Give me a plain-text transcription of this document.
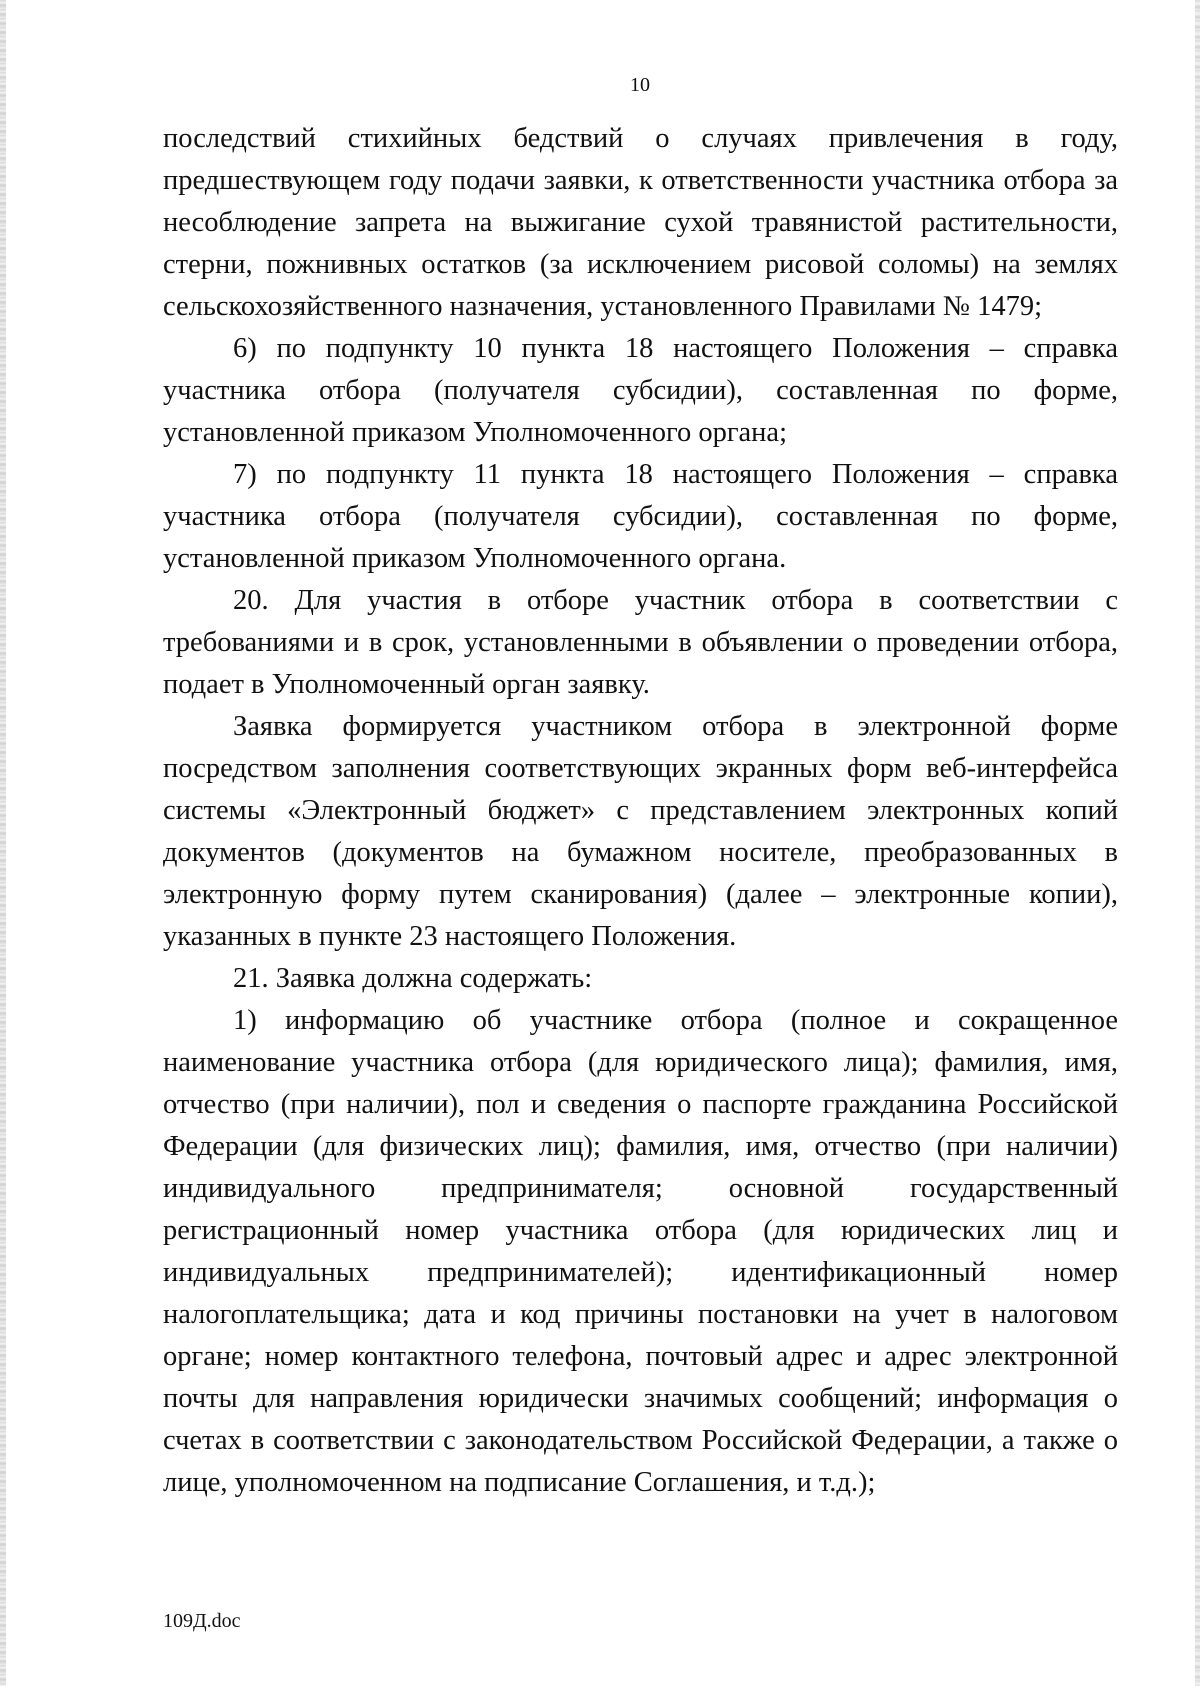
10

последствий стихийных бедствий о случаях привлечения в году, предшествующем году подачи заявки, к ответственности участника отбора за несоблюдение запрета на выжигание сухой травянистой растительности, стерни, пожнивных остатков (за исключением рисовой соломы) на землях сельскохозяйственного назначения, установленного Правилами № 1479;

6) по подпункту 10 пункта 18 настоящего Положения – справка участника отбора (получателя субсидии), составленная по форме, установленной приказом Уполномоченного органа;

7) по подпункту 11 пункта 18 настоящего Положения – справка участника отбора (получателя субсидии), составленная по форме, установленной приказом Уполномоченного органа.

20. Для участия в отборе участник отбора в соответствии с требованиями и в срок, установленными в объявлении о проведении отбора, подает в Уполномоченный орган заявку.

Заявка формируется участником отбора в электронной форме посредством заполнения соответствующих экранных форм веб-интерфейса системы «Электронный бюджет» с представлением электронных копий документов (документов на бумажном носителе, преобразованных в электронную форму путем сканирования) (далее – электронные копии), указанных в пункте 23 настоящего Положения.

21. Заявка должна содержать:

1) информацию об участнике отбора (полное и сокращенное наименование участника отбора (для юридического лица); фамилия, имя, отчество (при наличии), пол и сведения о паспорте гражданина Российской Федерации (для физических лиц); фамилия, имя, отчество (при наличии) индивидуального предпринимателя; основной государственный регистрационный номер участника отбора (для юридических лиц и индивидуальных предпринимателей); идентификационный номер налогоплательщика; дата и код причины постановки на учет в налоговом органе; номер контактного телефона, почтовый адрес и адрес электронной почты для направления юридически значимых сообщений; информация о счетах в соответствии с законодательством Российской Федерации, а также о лице, уполномоченном на подписание Соглашения, и т.д.);

109Д.doc
